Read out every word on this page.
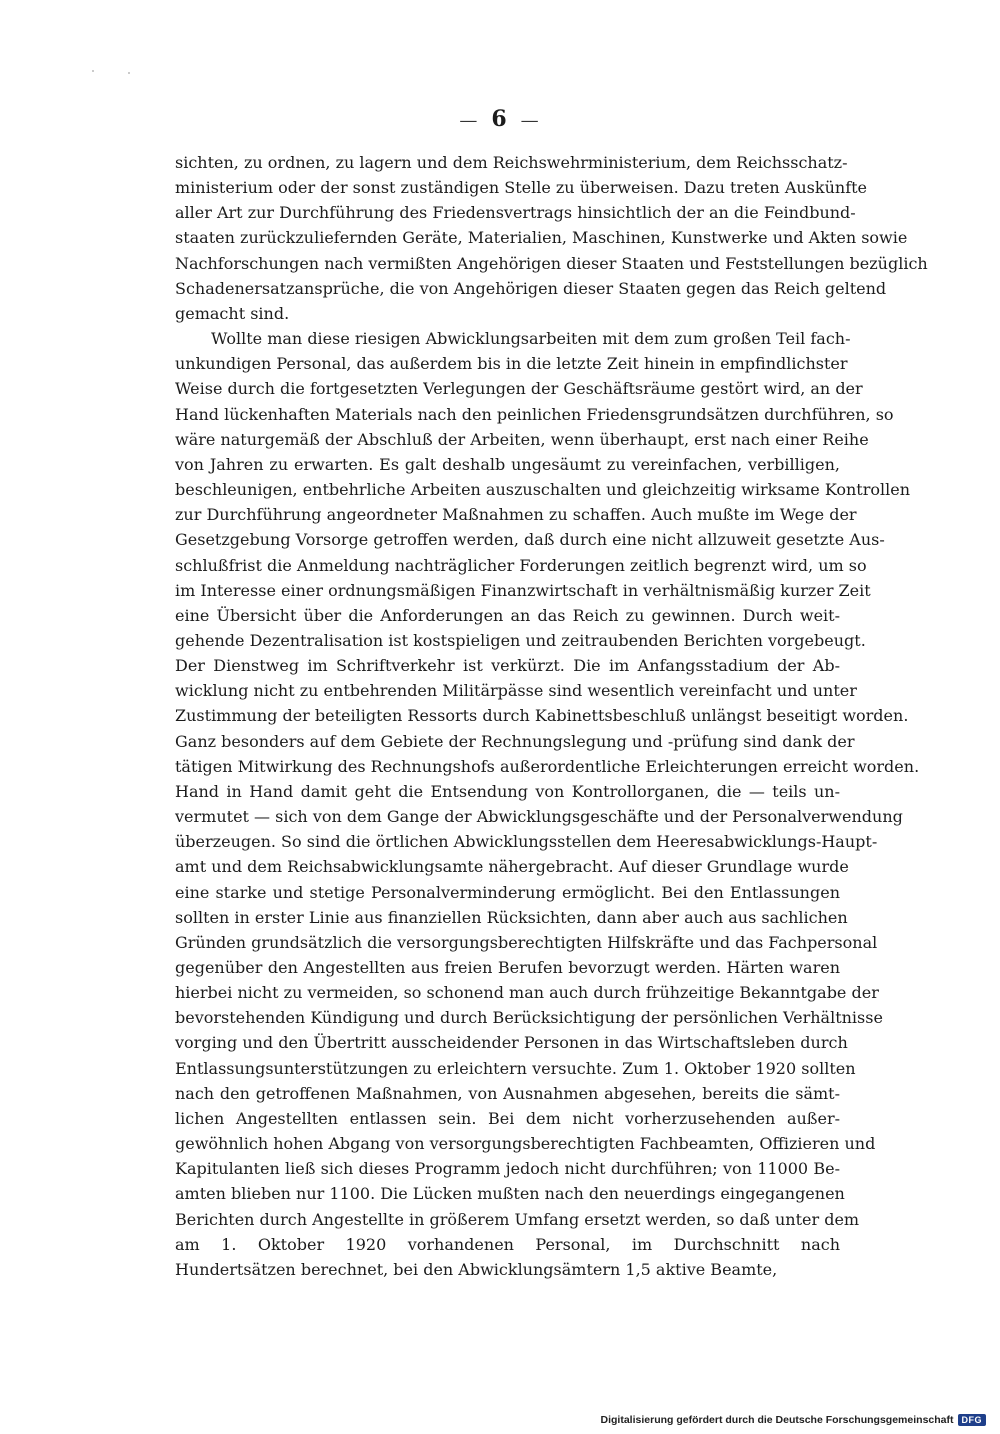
— 6 —
sichten, zu ordnen, zu lagern und dem Reichswehrministerium, dem Reichsschatz-
ministerium oder der sonst zuständigen Stelle zu überweisen. Dazu treten Auskünfte
aller Art zur Durchführung des Friedensvertrags hinsichtlich der an die Feindbund-
staaten zurückzuliefernden Geräte, Materialien, Maschinen, Kunstwerke und Akten sowie
Nachforschungen nach vermißten Angehörigen dieser Staaten und Feststellungen bezüglich
Schadenersatzansprüche, die von Angehörigen dieser Staaten gegen das Reich geltend
gemacht sind.
Wollte man diese riesigen Abwicklungsarbeiten mit dem zum großen Teil fach-
unkundigen Personal, das außerdem bis in die letzte Zeit hinein in empfindlichster
Weise durch die fortgesetzten Verlegungen der Geschäftsräume gestört wird, an der
Hand lückenhaften Materials nach den peinlichen Friedensgrundsätzen durchführen, so
wäre naturgemäß der Abschluß der Arbeiten, wenn überhaupt, erst nach einer Reihe
von Jahren zu erwarten. Es galt deshalb ungesäumt zu vereinfachen, verbilligen,
beschleunigen, entbehrliche Arbeiten auszuschalten und gleichzeitig wirksame Kontrollen
zur Durchführung angeordneter Maßnahmen zu schaffen. Auch mußte im Wege der
Gesetzgebung Vorsorge getroffen werden, daß durch eine nicht allzuweit gesetzte Aus-
schlußfrist die Anmeldung nachträglicher Forderungen zeitlich begrenzt wird, um so
im Interesse einer ordnungsmäßigen Finanzwirtschaft in verhältnismäßig kurzer Zeit
eine Übersicht über die Anforderungen an das Reich zu gewinnen. Durch weit-
gehende Dezentralisation ist kostspieligen und zeitraubenden Berichten vorgebeugt.
Der Dienstweg im Schriftverkehr ist verkürzt. Die im Anfangsstadium der Ab-
wicklung nicht zu entbehrenden Militärpässe sind wesentlich vereinfacht und unter
Zustimmung der beteiligten Ressorts durch Kabinettsbeschluß unlängst beseitigt worden.
Ganz besonders auf dem Gebiete der Rechnungslegung und -prüfung sind dank der
tätigen Mitwirkung des Rechnungshofs außerordentliche Erleichterungen erreicht worden.
Hand in Hand damit geht die Entsendung von Kontrollorganen, die — teils un-
vermutet — sich von dem Gange der Abwicklungsgeschäfte und der Personalverwendung
überzeugen. So sind die örtlichen Abwicklungsstellen dem Heeresabwicklungs-Haupt-
amt und dem Reichsabwicklungsamte nähergebracht. Auf dieser Grundlage wurde
eine starke und stetige Personalverminderung ermöglicht. Bei den Entlassungen
sollten in erster Linie aus finanziellen Rücksichten, dann aber auch aus sachlichen
Gründen grundsätzlich die versorgungsberechtigten Hilfskräfte und das Fachpersonal
gegenüber den Angestellten aus freien Berufen bevorzugt werden. Härten waren
hierbei nicht zu vermeiden, so schonend man auch durch frühzeitige Bekanntgabe der
bevorstehenden Kündigung und durch Berücksichtigung der persönlichen Verhältnisse
vorging und den Übertritt ausscheidender Personen in das Wirtschaftsleben durch
Entlassungsunterstützungen zu erleichtern versuchte. Zum 1. Oktober 1920 sollten
nach den getroffenen Maßnahmen, von Ausnahmen abgesehen, bereits die sämt-
lichen Angestellten entlassen sein. Bei dem nicht vorherzusehenden außer-
gewöhnlich hohen Abgang von versorgungsberechtigten Fachbeamten, Offizieren und
Kapitulanten ließ sich dieses Programm jedoch nicht durchführen; von 11000 Be-
amten blieben nur 1100. Die Lücken mußten nach den neuerdings eingegangenen
Berichten durch Angestellte in größerem Umfang ersetzt werden, so daß unter dem
am 1. Oktober 1920 vorhandenen Personal, im Durchschnitt nach
Hundertsätzen berechnet, bei den Abwicklungsämtern 1,5 aktive Beamte,
Digitalisierung gefördert durch die Deutsche Forschungsgemeinschaft DFG
